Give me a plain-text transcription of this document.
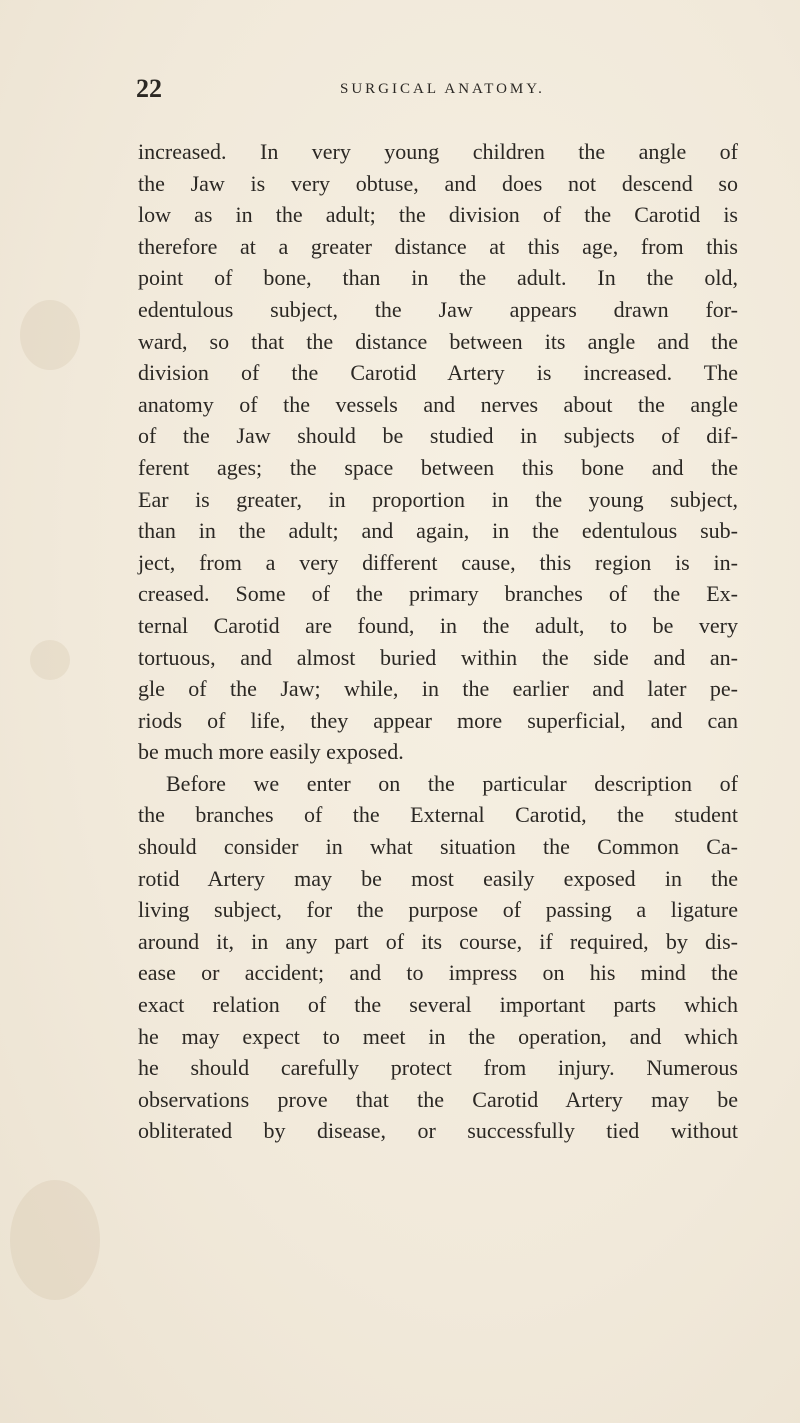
22	SURGICAL ANATOMY.

increased. In very young children the angle of

the Jaw is very obtuse, and does not descend so

low as in the adult; the division of the Carotid is

therefore at a greater distance at this age, from this

point of bone, than in the adult. In the old,

edentulous subject, the Jaw appears drawn for-

ward, so that the distance between its angle and the

division of the Carotid Artery is increased. The

anatomy of the vessels and nerves about the angle

of the Jaw should be studied in subjects of dif-

ferent ages; the space between this bone and the

Ear is greater, in proportion in the young subject,

than in the adult; and again, in the edentulous sub-

ject, from a very different cause, this region is in-

creased. Some of the primary branches of the Ex-

ternal Carotid are found, in the adult, to be very

tortuous, and almost buried within the side and an-

gle of the Jaw; while, in the earlier and later pe-

riods of life, they appear more superficial, and can

be much more easily exposed.

Before we enter on the particular description of

the branches of the External Carotid, the student

should consider in what situation the Common Ca-

rotid Artery may be most easily exposed in the

living subject, for the purpose of passing a ligature

around it, in any part of its course, if required, by dis-

ease or accident; and to impress on his mind the

exact relation of the several important parts which

he may expect to meet in the operation, and which

he should carefully protect from injury. Numerous

observations prove that the Carotid Artery may be

obliterated by disease, or successfully tied without
